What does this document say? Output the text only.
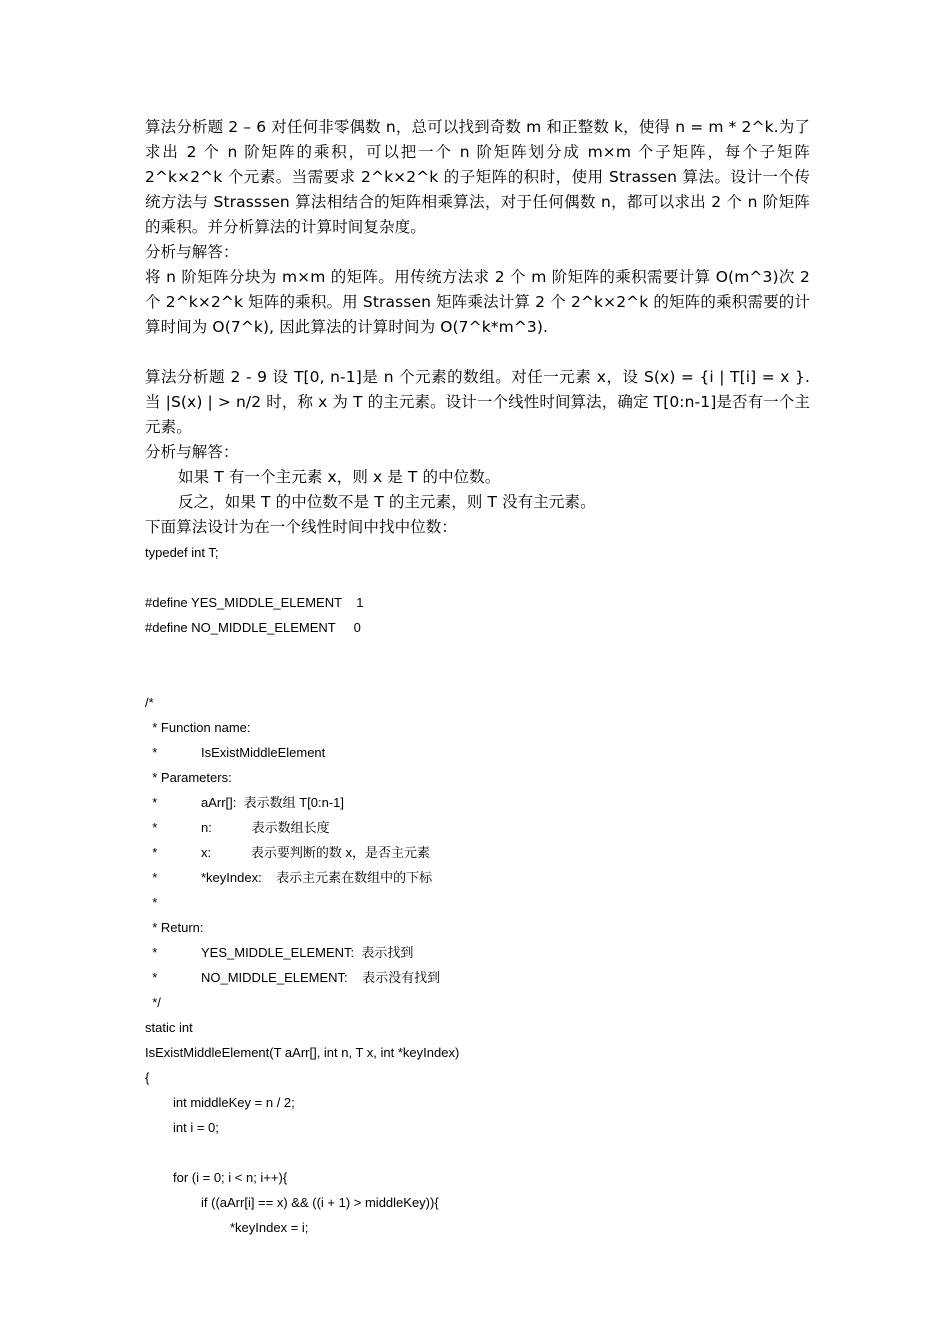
算法分析题 2 – 6 对任何非零偶数 n，总可以找到奇数 m 和正整数 k，使得 n = m * 2^k.为了求出 2 个 n 阶矩阵的乘积，可以把一个 n 阶矩阵划分成 m×m 个子矩阵，每个子矩阵 2^k×2^k 个元素。当需要求 2^k×2^k 的子矩阵的积时，使用 Strassen 算法。设计一个传统方法与 Strasssen 算法相结合的矩阵相乘算法，对于任何偶数 n，都可以求出 2 个 n 阶矩阵的乘积。并分析算法的计算时间复杂度。

分析与解答：

将 n 阶矩阵分块为 m×m 的矩阵。用传统方法求 2 个 m 阶矩阵的乘积需要计算 O(m^3)次 2 个 2^k×2^k 矩阵的乘积。用 Strassen 矩阵乘法计算 2 个 2^k×2^k 的矩阵的乘积需要的计算时间为 O(7^k), 因此算法的计算时间为 O(7^k*m^3).

算法分析题 2 - 9 设 T[0, n-1]是 n 个元素的数组。对任一元素 x，设 S(x) = {i | T[i] = x }. 当 |S(x) | > n/2 时，称 x 为 T 的主元素。设计一个线性时间算法，确定 T[0:n-1]是否有一个主元素。

分析与解答：

如果 T 有一个主元素 x，则 x 是 T 的中位数。

反之，如果 T 的中位数不是 T 的主元素，则 T 没有主元素。

下面算法设计为在一个线性时间中找中位数：

typedef int T;
#define YES_MIDDLE_ELEMENT    1
#define NO_MIDDLE_ELEMENT     0
/*
* Function name:
*	IsExistMiddleElement
* Parameters:
*	aArr[]:  表示数组 T[0:n-1]
*	n:           表示数组长度
*	x:           表示要判断的数 x，是否主元素
*	*keyIndex:    表示主元素在数组中的下标
*
* Return:
*	YES_MIDDLE_ELEMENT:  表示找到
*	NO_MIDDLE_ELEMENT:    表示没有找到
*/
static int
IsExistMiddleElement(T aArr[], int n, T x, int *keyIndex)
{
int middleKey = n / 2;
int i = 0;
for (i = 0; i < n; i++){
if ((aArr[i] == x) && ((i + 1) > middleKey)){
*keyIndex = i;
